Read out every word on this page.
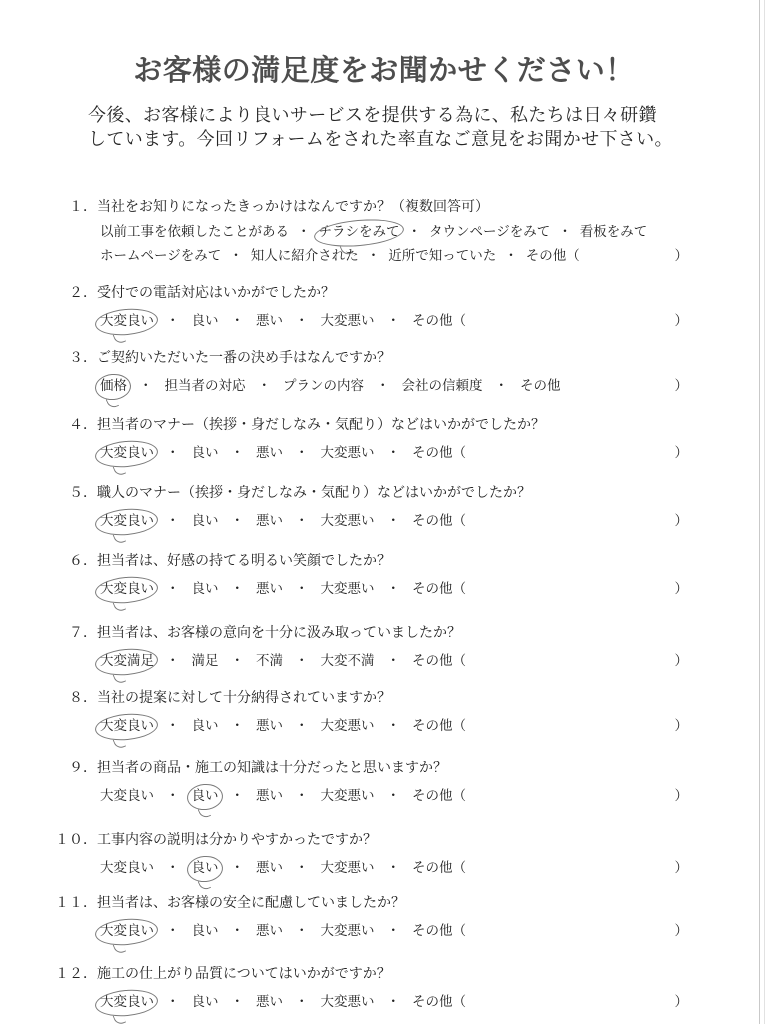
お客様の満足度をお聞かせください！
今後、お客様により良いサービスを提供する為に、私たちは日々研鑽
しています。今回リフォームをされた率直なご意見をお聞かせ下さい。
１． 当社をお知りになったきっかけはなんですか？（複数回答可）
以前工事を依頼したことがある ・ チラシをみて ・ タウンページをみて ・ 看板をみて
ホームページをみて ・ 知人に紹介された ・ 近所で知っていた ・ その他（	）
２． 受付での電話対応はいかがでしたか？
大変良い ・ 良い ・ 悪い ・ 大変悪い ・ その他（	）
３． ご契約いただいた一番の決め手はなんですか？
価格 ・ 担当者の対応 ・ プランの内容 ・ 会社の信頼度 ・ その他	）
４． 担当者のマナー（挨拶・身だしなみ・気配り）などはいかがでしたか？
大変良い ・ 良い ・ 悪い ・ 大変悪い ・ その他（	）
５． 職人のマナー（挨拶・身だしなみ・気配り）などはいかがでしたか？
大変良い ・ 良い ・ 悪い ・ 大変悪い ・ その他（	）
６． 担当者は、好感の持てる明るい笑顔でしたか？
大変良い ・ 良い ・ 悪い ・ 大変悪い ・ その他（	）
７． 担当者は、お客様の意向を十分に汲み取っていましたか？
大変満足 ・ 満足 ・ 不満 ・ 大変不満 ・ その他（	）
８． 当社の提案に対して十分納得されていますか？
大変良い ・ 良い ・ 悪い ・ 大変悪い ・ その他（	）
９． 担当者の商品・施工の知識は十分だったと思いますか？
大変良い ・ 良い ・ 悪い ・ 大変悪い ・ その他（	）
１０． 工事内容の説明は分かりやすかったですか？
大変良い ・ 良い ・ 悪い ・ 大変悪い ・ その他（	）
１１． 担当者は、お客様の安全に配慮していましたか？
大変良い ・ 良い ・ 悪い ・ 大変悪い ・ その他（	）
１２． 施工の仕上がり品質についてはいかがですか？
大変良い ・ 良い ・ 悪い ・ 大変悪い ・ その他（	）
